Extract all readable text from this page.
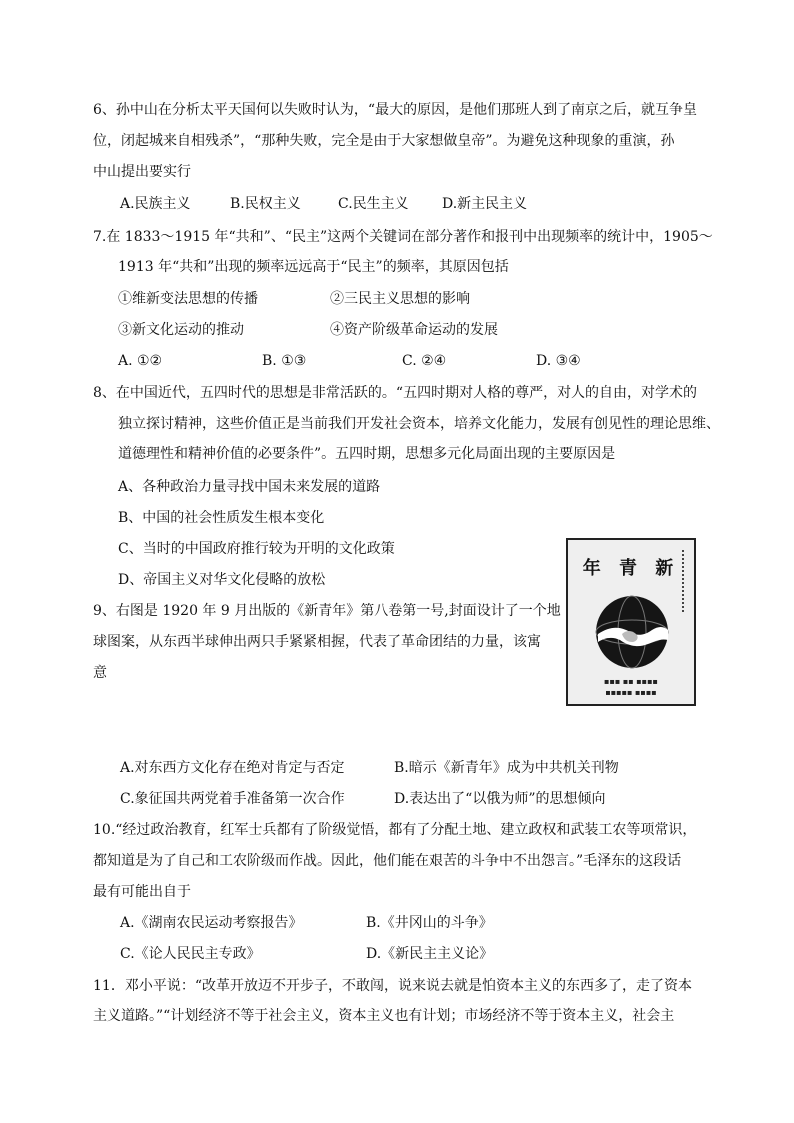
6、孙中山在分析太平天国何以失败时认为，“最大的原因，是他们那班人到了南京之后，就互争皇
位，闭起城来自相残杀”，“那种失败，完全是由于大家想做皇帝”。为避免这种现象的重演，孙
中山提出要实行
A.民族主义	B.民权主义	C.民生主义 D.新主民主义
7.在 1833～1915 年“共和”、“民主”这两个关键词在部分著作和报刊中出现频率的统计中，1905～
1913 年“共和”出现的频率远远高于“民主”的频率，其原因包括
①维新变法思想的传播	②三民主义思想的影响
③新文化运动的推动	④资产阶级革命运动的发展
A. ①②	B. ①③	C. ②④	D. ③④
8、在中国近代，五四时代的思想是非常活跃的。“五四时期对人格的尊严，对人的自由，对学术的
独立探讨精神，这些价值正是当前我们开发社会资本，培养文化能力，发展有创见性的理论思维、
道德理性和精神价值的必要条件”。五四时期，思想多元化局面出现的主要原因是
A、各种政治力量寻找中国未来发展的道路
B、中国的社会性质发生根本变化
C、当时的中国政府推行较为开明的文化政策
D、帝国主义对华文化侵略的放松
9、右图是 1920 年 9 月出版的《新青年》第八卷第一号,封面设计了一个地
球图案，从东西半球伸出两只手紧紧相握，代表了革命团结的力量，该寓
意
年 青 新
▪▪▪ ▪▪ ▪▪▪▪
▪▪▪▪▪ ▪▪▪▪
A.对东西方文化存在绝对肯定与否定	B.暗示《新青年》成为中共机关刊物
C.象征国共两党着手准备第一次合作	D.表达出了“以俄为师”的思想倾向
10.“经过政治教育，红军士兵都有了阶级觉悟，都有了分配土地、建立政权和武装工农等项常识，
都知道是为了自己和工农阶级而作战。因此，他们能在艰苦的斗争中不出怨言。”毛泽东的这段话
最有可能出自于
A.《湖南农民运动考察报告》	B.《井冈山的斗争》
C.《论人民民主专政》	D.《新民主主义论》
11．邓小平说：“改革开放迈不开步子，不敢闯，说来说去就是怕资本主义的东西多了，走了资本
主义道路。”“计划经济不等于社会主义，资本主义也有计划；市场经济不等于资本主义，社会主
